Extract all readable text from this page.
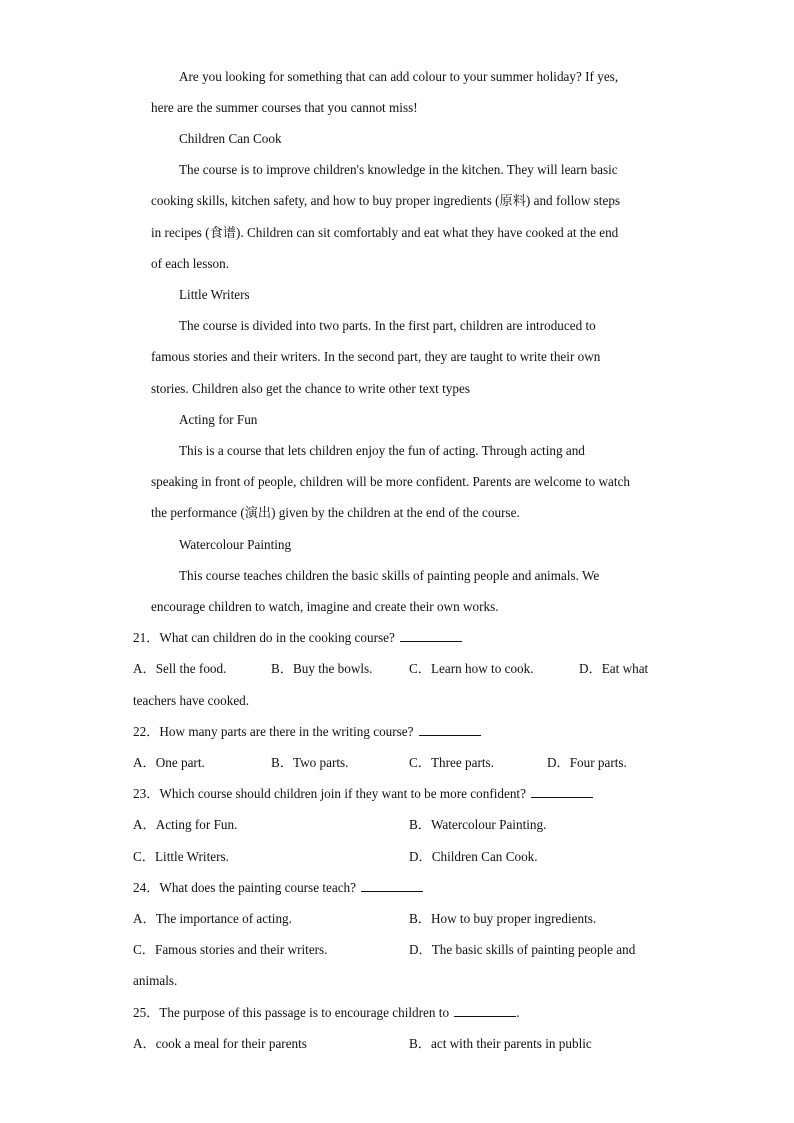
Are you looking for something that can add colour to your summer holiday? If yes,
here are the summer courses that you cannot miss!
Children Can Cook
The course is to improve children's knowledge in the kitchen. They will learn basic
cooking skills, kitchen safety, and how to buy proper ingredients (原料) and follow steps
in recipes (食谱). Children can sit comfortably and eat what they have cooked at the end
of each lesson.
Little Writers
The course is divided into two parts. In the first part, children are introduced to
famous stories and their writers. In the second part, they are taught to write their own
stories. Children also get the chance to write other text types
Acting for Fun
This is a course that lets children enjoy the fun of acting. Through acting and
speaking in front of people, children will be more confident. Parents are welcome to watch
the performance (演出) given by the children at the end of the course.
Watercolour Painting
This course teaches children the basic skills of painting people and animals. We
encourage children to watch, imagine and create their own works.
21．What can children do in the cooking course?
A．Sell the food.	B．Buy the bowls.	C．Learn how to cook.	D．Eat what
teachers have cooked.
22．How many parts are there in the writing course?
A．One part.	B．Two parts.	C．Three parts.	D．Four parts.
23．Which course should children join if they want to be more confident?
A．Acting for Fun.	B．Watercolour Painting.
C．Little Writers.	D．Children Can Cook.
24．What does the painting course teach?
A．The importance of acting.	B．How to buy proper ingredients.
C．Famous stories and their writers.	D．The basic skills of painting people and
animals.
25．The purpose of this passage is to encourage children to	.
A．cook a meal for their parents	B．act with their parents in public
